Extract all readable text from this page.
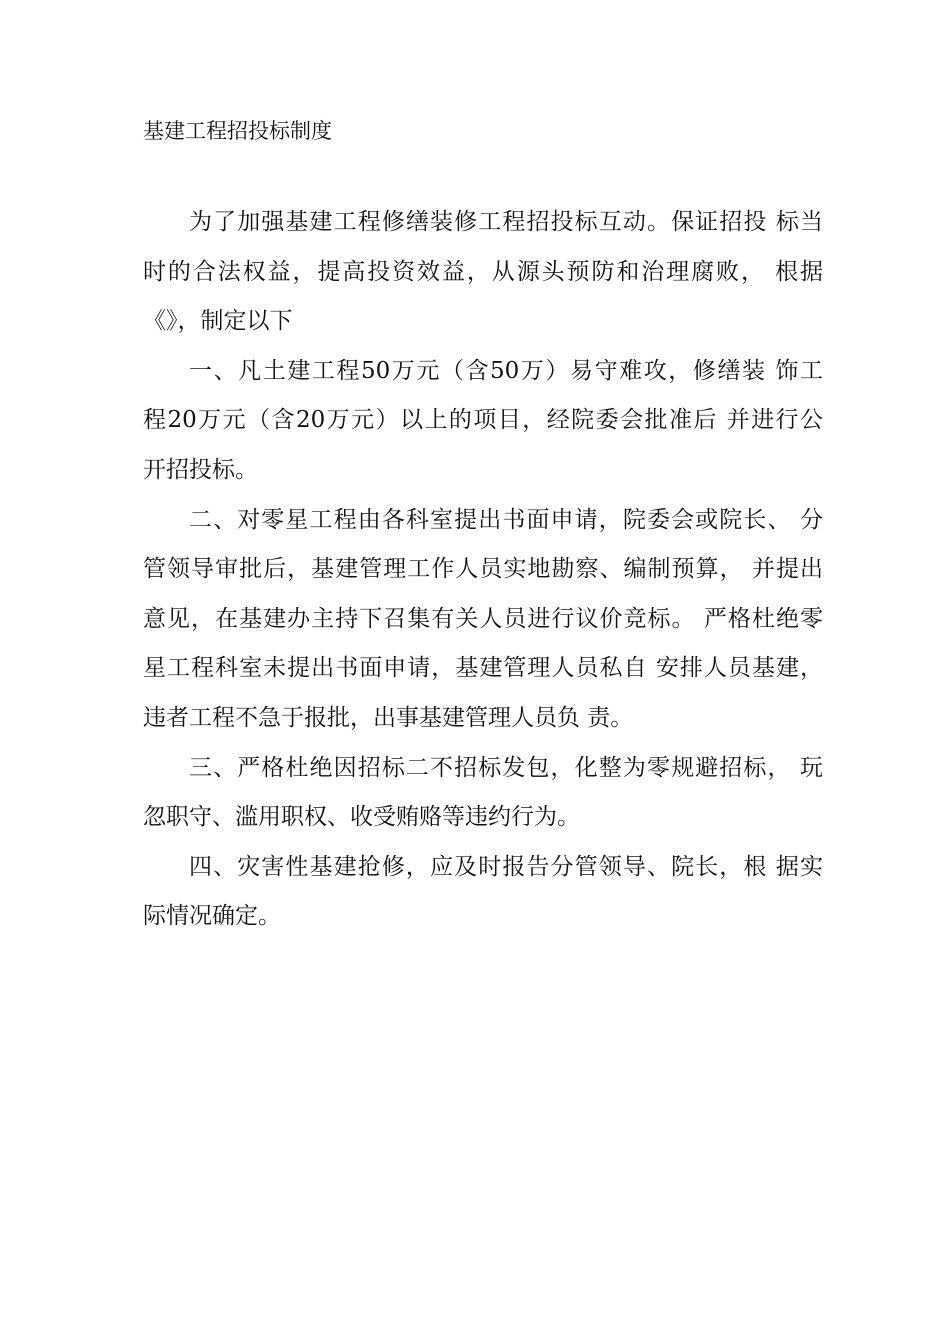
基建工程招投标制度
为了加强基建工程修缮装修工程招投标互动。保证招投 标当
时的合法权益，提高投资效益，从源头预防和治理腐败， 根据
《》，制定以下
一、凡土建工程50万元（含50万）易守难攻，修缮装 饰工
程20万元（含20万元）以上的项目，经院委会批准后 并进行公
开招投标。
二、对零星工程由各科室提出书面申请，院委会或院长、 分
管领导审批后，基建管理工作人员实地勘察、编制预算， 并提出
意见，在基建办主持下召集有关人员进行议价竞标。 严格杜绝零
星工程科室未提出书面申请，基建管理人员私自 安排人员基建，
违者工程不急于报批，出事基建管理人员负 责。
三、严格杜绝因招标二不招标发包，化整为零规避招标， 玩
忽职守、滥用职权、收受贿赂等违约行为。
四、灾害性基建抢修，应及时报告分管领导、院长，根 据实
际情况确定。
